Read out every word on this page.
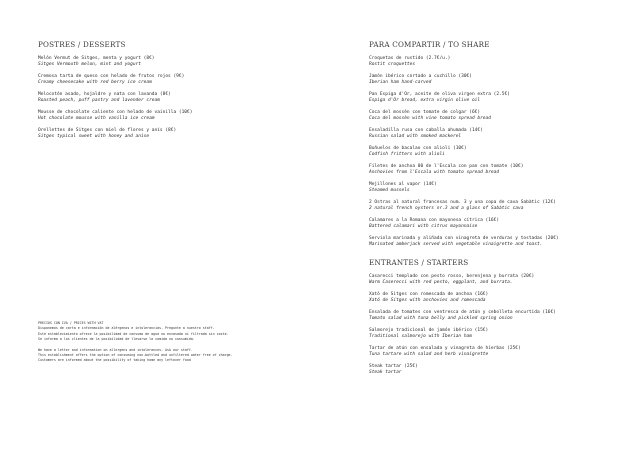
POSTRES / DESSERTS
Melón Vermut de Sitges, menta y yogurt (8€)
Sitges Vermouth melon, mint and yogurt
Cremosa tarta de queso con helado de frutos rojos (9€)
Creamy cheesecake with red berry ice cream
Melocotón asado, hojaldre y nata con lavanda (8€)
Roasted peach, puff pastry and lavender cream
Mousse de chocolate caliente con helado de vainilla (10€)
Hot chocolate mousse with vanilla ice cream
Orellettes de Sitges con miel de flores y anís (8€)
Sitges typical sweet with honey and anise
PARA COMPARTIR / TO SHARE
Croquetas de rustido (2.7€/u.)
Rostit croquettes
Jamón ibérico cortado a cuchillo (30€)
Iberian ham hand-carved
Pan Espiga d'Or, aceite de oliva virgen extra (2.5€)
Espiga d'Or bread, extra virgin olive oil
Coca del mossèn con tomate de colgar (6€)
Coca del mossèn with vine tomato spread bread
Ensaladilla rusa con caballa ahumada (14€)
Russian salad with smoked mackerel
Buñuelos de bacalao con alioli (10€)
Codfish fritters with alioli
Filetes de anchoa 00 de l'Escala con pan con tomate (10€)
Anchovies from l'Escala with tomato spread bread
Mejillones al vapor (14€)
Steamed mussels
2 Ostras al natural francesas num. 3 y una copa de cava Sabàtic (12€)
2 natural french oysters nr.3 and a glass of Sabàtic cava
Calamares a la Romana con mayonesa cítrica (16€)
Battered calamari with citrus mayonnaise
Serviola marinada y aliñada con vinagreta de verduras y tostadas (20€)
Marinated amberjack served with vegetable vinaigrette and toast.
ENTRANTES / STARTERS
Casarecci templado con pesto rosso, berenjena y burrata (20€)
Warm Caserecci with red pesto, eggplant, and burrata.
Xató de Sitges con romescada de anchoa (16€)
Xató de Sitges with anchovies and romescada
Ensalada de tomates con ventresca de atún y cebolleta encurtida (16€)
Tomato salad with tuna belly and pickled spring onion
Salmorejo tradicional de jamón ibérico (15€)
Traditional salmorejo with Iberian ham
Tartar de atún con ensalada y vinagreta de hierbas (25€)
Tuna tartare with salad and herb vinaigrette
Steak tartar (25€)
Steak tartar
PRECIOS CON IVA / PRICES WITH VAT
Disponemos de carta e información de alérgenos e intolerancias. Pregunte a nuestro staff.
Este establecimiento ofrece la posibilidad de consumo de agua no envasada ni filtrada sin coste.
Se informa a los clientes de la posibilidad de llevarse la comida no consumida.
We have a letter and information on allergens and intolerances. Ask our staff.
This establishment offers the option of consuming non-bottled and unfiltered water free of charge.
Customers are informed about the possibility of taking home any leftover food
